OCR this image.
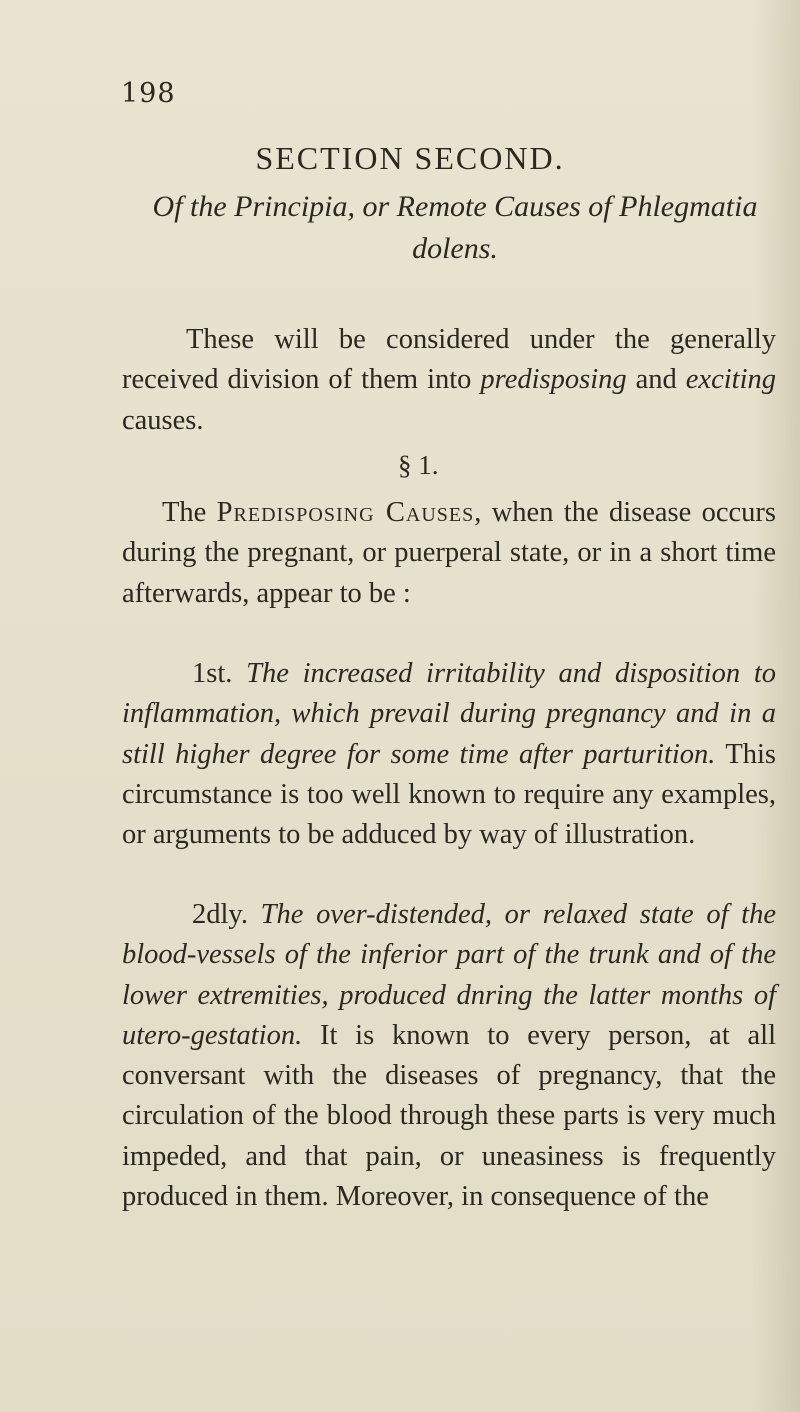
198
SECTION SECOND.
Of the Principia, or Remote Causes of Phlegmatia dolens.
These will be considered under the generally received division of them into predisposing and exciting causes.
§ 1.
The Predisposing Causes, when the disease occurs during the pregnant, or puerperal state, or in a short time afterwards, appear to be :
1st. The increased irritability and disposition to inflammation, which prevail during pregnancy and in a still higher degree for some time after parturition. This circumstance is too well known to require any examples, or arguments to be adduced by way of illustration.
2dly. The over-distended, or relaxed state of the blood-vessels of the inferior part of the trunk and of the lower extremities, produced dnring the latter months of utero-gestation. It is known to every person, at all conversant with the diseases of pregnancy, that the circulation of the blood through these parts is very much impeded, and that pain, or uneasiness is frequently produced in them. Moreover, in consequence of the
